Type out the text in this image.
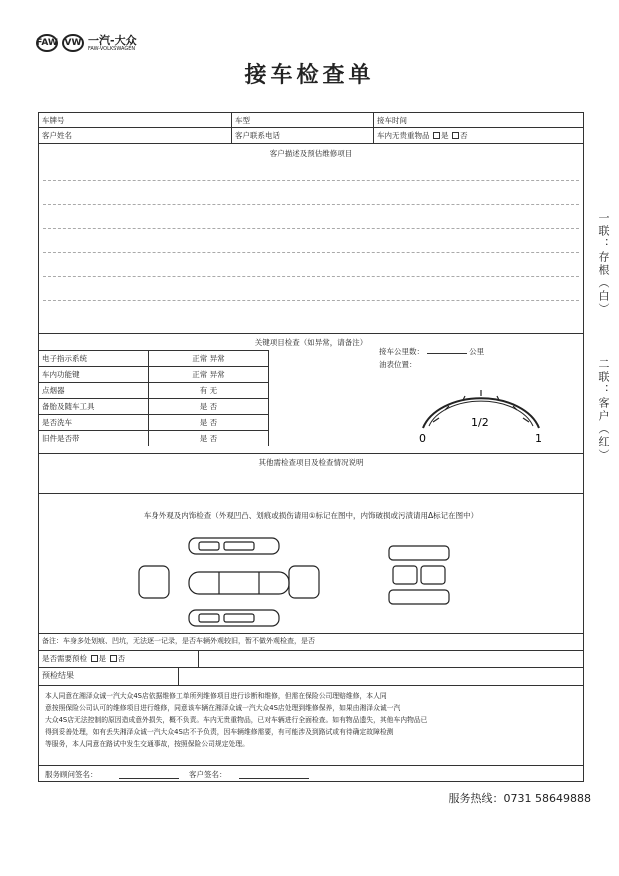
FAW VW 一汽-大众
FAW-VOLKSWAGEN
接车检查单
车牌号	车型	接车时间
客户姓名	客户联系电话	车内无贵重物品 是 否
客户描述及预估维修项目
关键项目检查（如异常，请备注）
电子指示系统	正常 异常
车内功能键	正常 异常
点烟器	有 无
备胎及随车工具	是 否
是否洗车	是 否
旧件是否带	是 否
接车公里数：	公里
油表位置：
0
1/2
1
其他需检查项目及检查情况说明
车身外观及内饰检查（外观凹凸、划痕或损伤请用①标记在图中，内饰破损或污渍请用Δ标记在图中）
备注：车身多处划痕、凹坑，无法逐一记录，是否车辆外观较旧，暂不做外观检查，是否
是否需要预检 是 否
预检结果
本人同意在湘泽众诚一汽大众4S店依据维修工单所列维修项目进行诊断和维修，但需在保险公司理赔维修，本人同
意按照保险公司认可的维修项目进行维修，同意该车辆在湘泽众诚一汽大众4S店处理到维修保养，如果由湘泽众诚一汽
大众4S店无法控制的原因造成意外损失，概不负责。车内无贵重物品，已对车辆进行全面检查。如有物品遗失，其他车内物品已
得到妥善处理，如有丢失湘泽众诚一汽大众4S店不予负责，因车辆维修需要，有可能涉及到路试或有待确定故障检测
等服务，本人同意在路试中发生交通事故，按照保险公司规定处理。
服务顾问签名：	客户签名：
一联：存根（白）
二联：客户（红）
服务热线：0731 58649888
